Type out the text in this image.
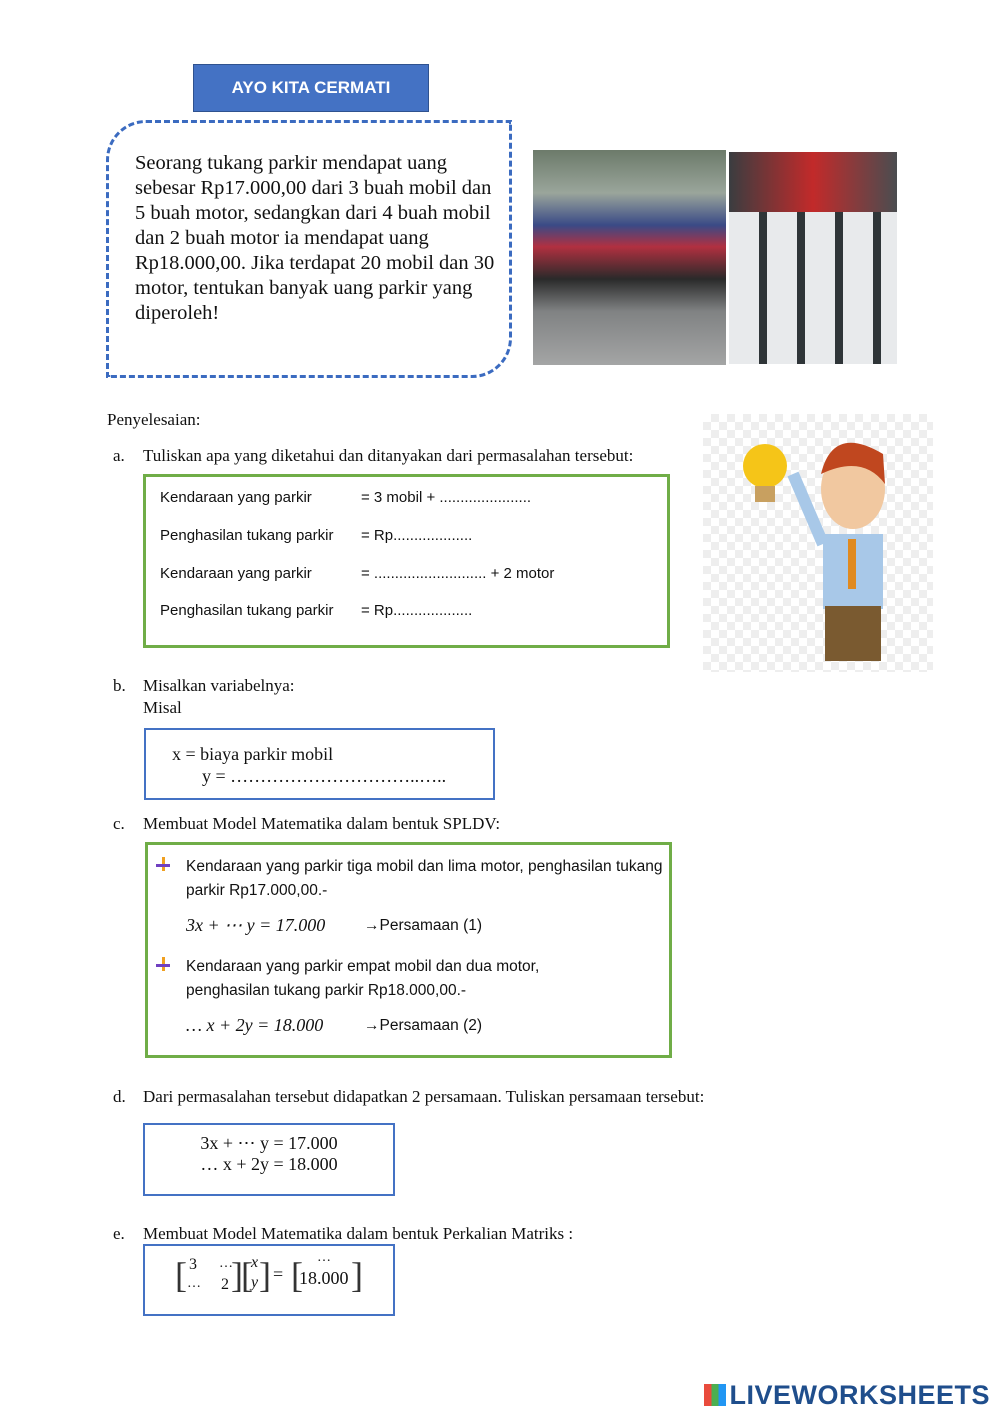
AYO KITA CERMATI

Seorang tukang parkir mendapat uang sebesar Rp17.000,00 dari 3 buah mobil dan 5 buah motor, sedangkan dari 4 buah mobil dan 2 buah motor ia mendapat uang Rp18.000,00. Jika terdapat 20 mobil dan 30 motor, tentukan banyak uang parkir yang diperoleh!

Penyelesaian:
a. Tuliskan apa yang diketahui dan ditanyakan dari permasalahan tersebut:
Kendaraan yang parkir	= 3 mobil + ......................
Penghasilan tukang parkir = Rp...................
Kendaraan yang parkir	= ........................... + 2 motor
Penghasilan tukang parkir = Rp...................
b. Misalkan variabelnya:
Misal
x = biaya parkir mobil
y = …………………………..…..
c. Membuat Model Matematika dalam bentuk SPLDV:
Kendaraan yang parkir tiga mobil dan lima motor, penghasilan tukang parkir Rp17.000,00.-
3x + ⋯ y = 17.000 →Persamaan (1)
Kendaraan yang parkir empat mobil dan dua motor, penghasilan tukang parkir Rp18.000,00.-
… x + 2y = 18.000	→Persamaan (2)
d. Dari permasalahan tersebut didapatkan 2 persamaan. Tuliskan persamaan tersebut:
3x + ⋯ y = 17.000
… x + 2y = 18.000
e. Membuat Model Matematika dalam bentuk Perkalian Matriks :
[ 3 …
… 2 ]
[
x
y ] = [ …
18.000 ]
LIVEWORKSHEETS
